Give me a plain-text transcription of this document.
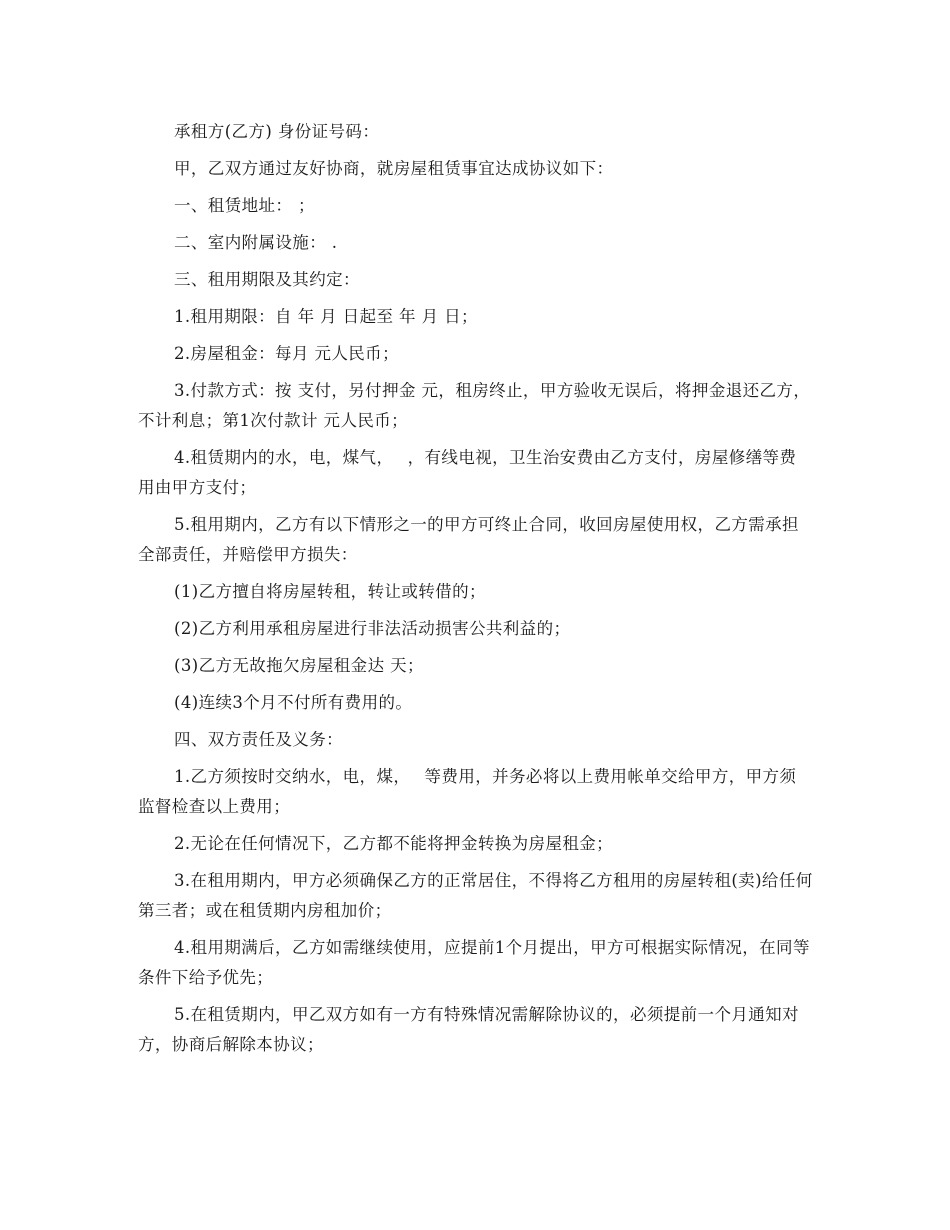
承租方(乙方) 身份证号码：

甲，乙双方通过友好协商，就房屋租赁事宜达成协议如下：

一、租赁地址： ；

二、室内附属设施： .

三、租用期限及其约定：

1.租用期限：自 年 月 日起至 年 月 日；

2.房屋租金：每月 元人民币；

3.付款方式：按 支付，另付押金 元，租房终止，甲方验收无误后，将押金退还乙方，不计利息；第1次付款计 元人民币；

4.租赁期内的水，电，煤气，　 ，有线电视，卫生治安费由乙方支付，房屋修缮等费用由甲方支付；

5.租用期内，乙方有以下情形之一的甲方可终止合同，收回房屋使用权，乙方需承担全部责任，并赔偿甲方损失：

(1)乙方擅自将房屋转租，转让或转借的；

(2)乙方利用承租房屋进行非法活动损害公共利益的；

(3)乙方无故拖欠房屋租金达 天；

(4)连续3个月不付所有费用的。

四、双方责任及义务：

1.乙方须按时交纳水，电，煤，　 等费用，并务必将以上费用帐单交给甲方，甲方须监督检查以上费用；

2.无论在任何情况下，乙方都不能将押金转换为房屋租金；

3.在租用期内，甲方必须确保乙方的正常居住，不得将乙方租用的房屋转租(卖)给任何第三者；或在租赁期内房租加价；

4.租用期满后，乙方如需继续使用，应提前1个月提出，甲方可根据实际情况，在同等条件下给予优先；

5.在租赁期内，甲乙双方如有一方有特殊情况需解除协议的，必须提前一个月通知对方，协商后解除本协议；
